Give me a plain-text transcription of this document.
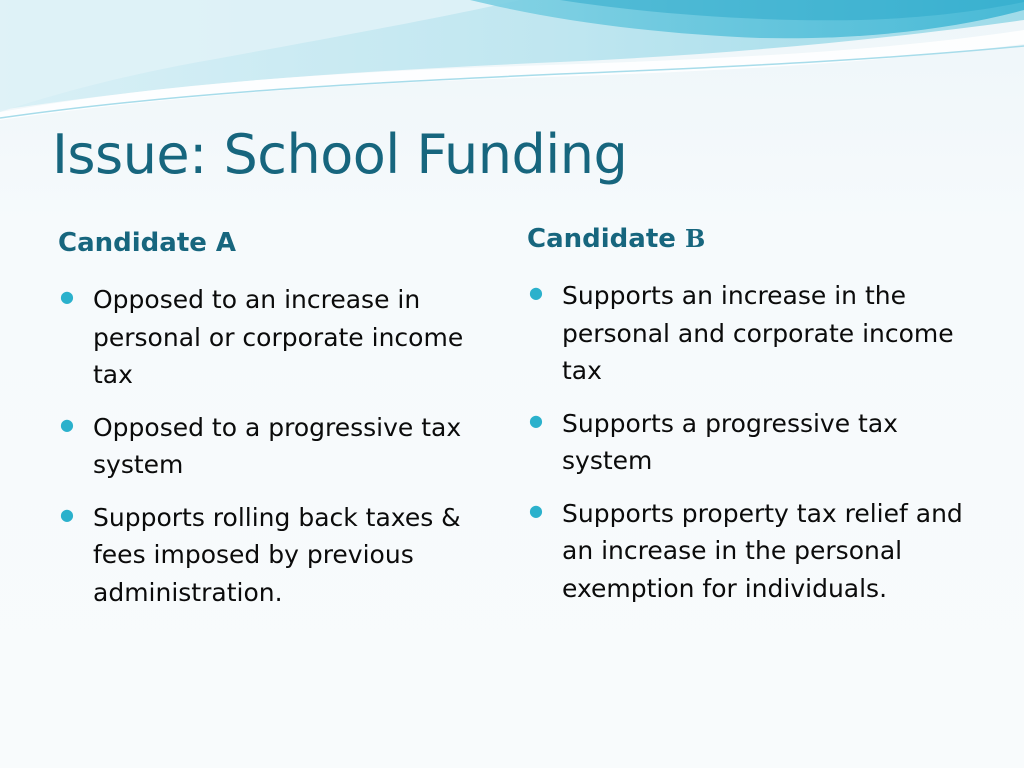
Issue: School Funding
Candidate A
● Opposed to an increase in personal or corporate income tax
● Opposed to a progressive tax system
● Supports rolling back taxes & fees imposed by previous administration.
Candidate B
● Supports an increase in the personal and corporate income tax
● Supports a progressive tax system
● Supports property tax relief and an increase in the personal exemption for individuals.
